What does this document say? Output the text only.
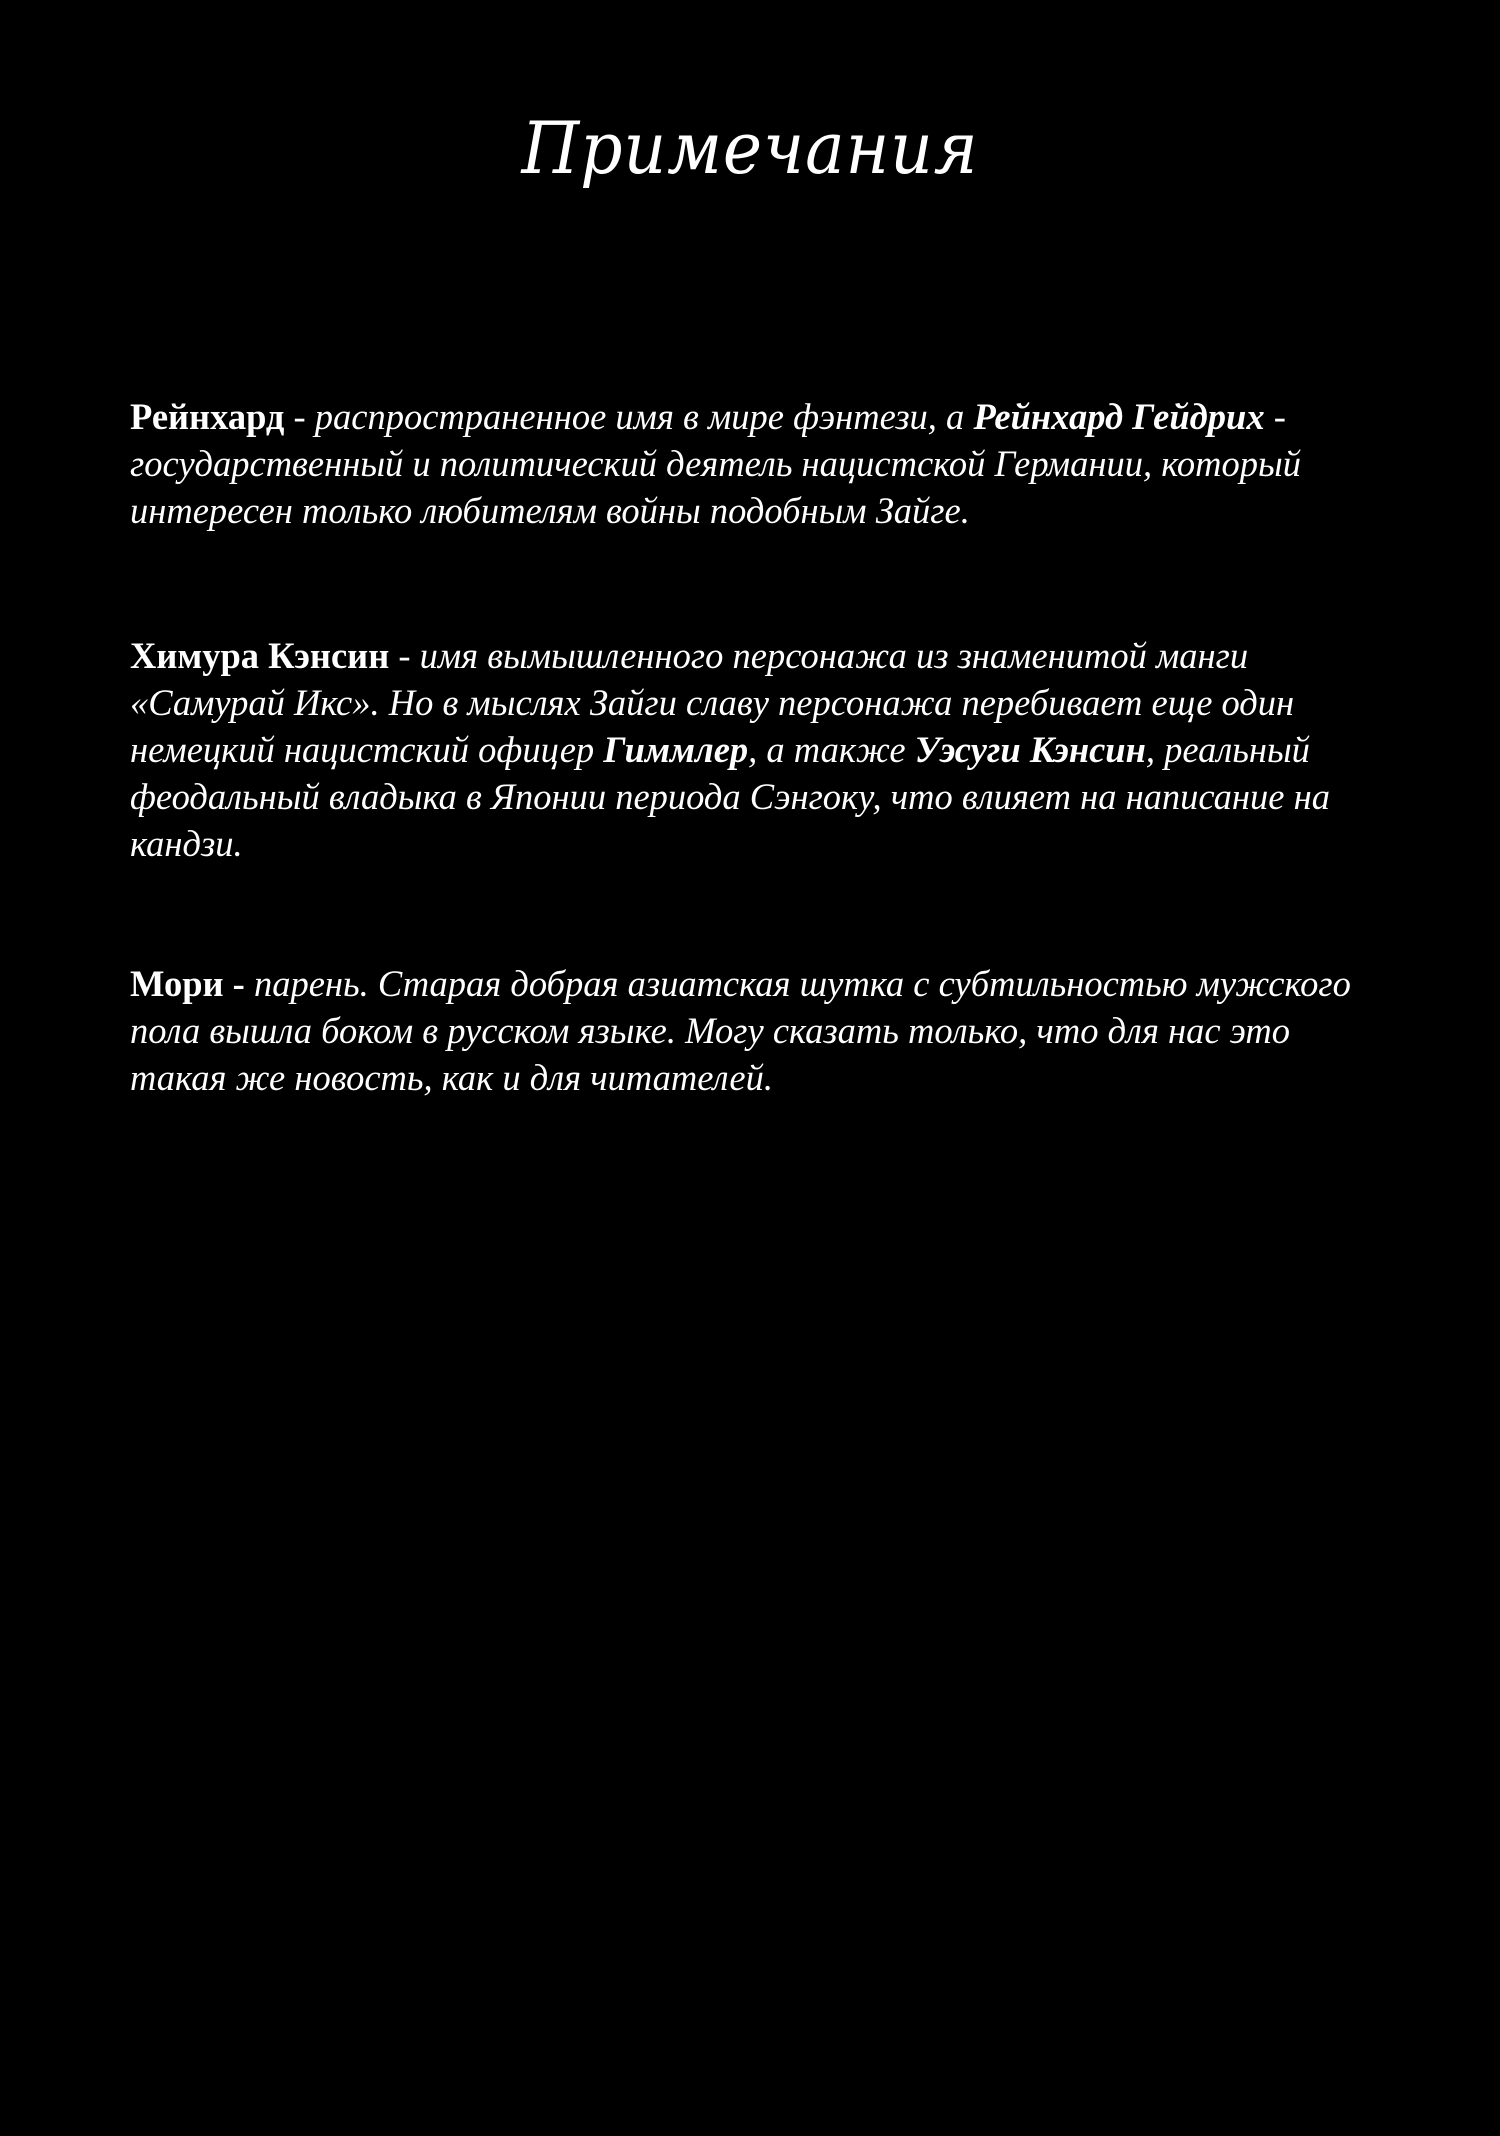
Примечания

Рейнхард - распространенное имя в мире фэнтези, а Рейнхард Гейдрих - государственный и политический деятель нацистской Германии, который интересен только любителям войны подобным Зайге.

Химура Кэнсин - имя вымышленного персонажа из знаменитой манги «Самурай Икс». Но в мыслях Зайги славу персонажа перебивает еще один немецкий нацистский офицер Гиммлер, а также Уэсуги Кэнсин, реальный феодальный владыка в Японии периода Сэнгоку, что влияет на написание на кандзи.

Мори - парень. Старая добрая азиатская шутка с субтильностью мужского пола вышла боком в русском языке. Могу сказать только, что для нас это такая же новость, как и для читателей.
